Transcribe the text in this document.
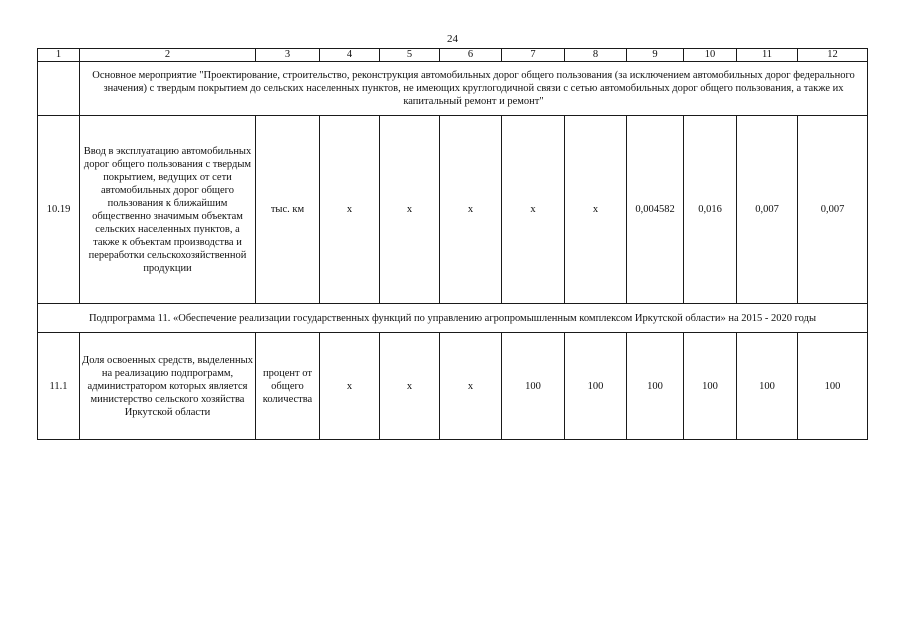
24
1	2	3	4	5	6	7	8	9	10	11	12
	Основное мероприятие "Проектирование, строительство, реконструкция автомобильных дорог общего пользования (за исключением автомобильных дорог федерального значения) с твердым покрытием до сельских населенных пунктов, не имеющих круглогодичной связи с сетью автомобильных дорог общего пользования, а также их капитальный ремонт и ремонт"										
10.19	Ввод в эксплуатацию автомобильных дорог общего пользования с твердым покрытием, ведущих от сети автомобильных дорог общего пользования к ближайшим общественно значимым объектам сельских населенных пунктов, а также к объектам производства и переработки сельскохозяйственной продукции	тыс. км	х	х	х	х	х	0,004582	0,016	0,007	0,007
Подпрограмма 11. «Обеспечение реализации государственных функций по управлению агропромышленным комплексом Иркутской области» на 2015 - 2020 годы											
11.1	Доля освоенных средств, выделенных на реализацию подпрограмм, администратором которых является министерство сельского хозяйства Иркутской области	процент от общего количества	х	х	х	100	100	100	100	100	100
